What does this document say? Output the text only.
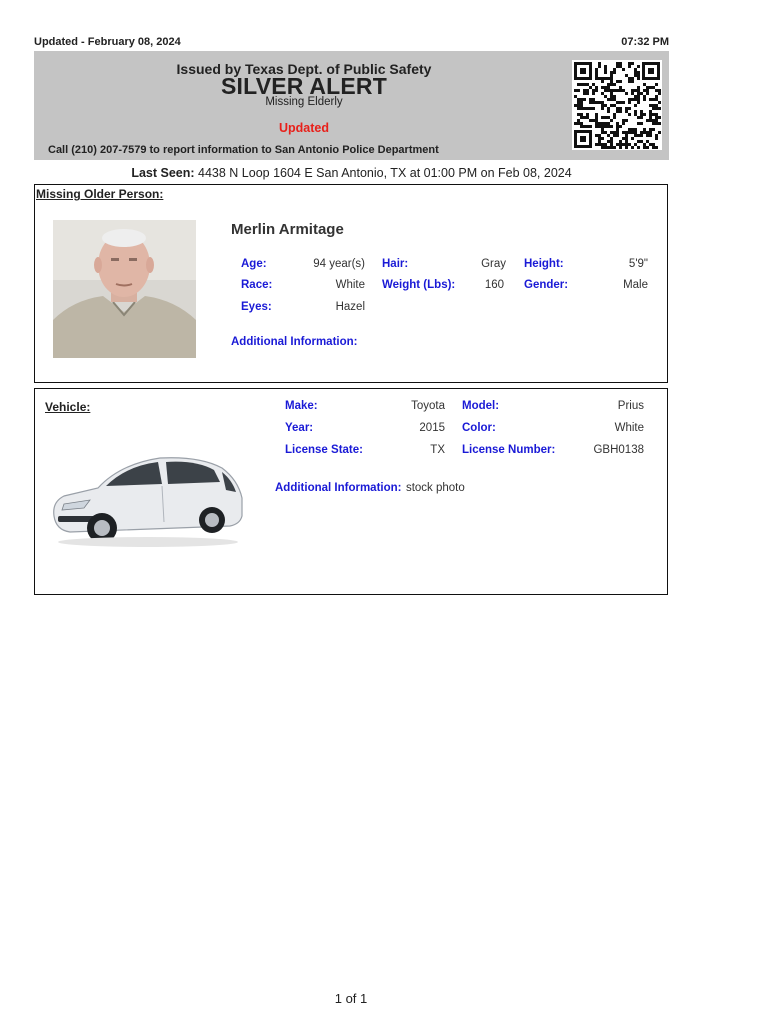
Updated - February 08, 2024	07:32 PM
Issued by Texas Dept. of Public Safety
SILVER ALERT
Missing Elderly
Updated
Call (210) 207-7579 to report information to San Antonio Police Department
Last Seen: 4438 N Loop 1604 E San Antonio, TX at 01:00 PM on Feb 08, 2024
Missing Older Person:
Merlin Armitage
Age:	94 year(s) Hair:	Gray Height:	5'9"
Race:	White Weight (Lbs):	160 Gender:	Male
Eyes:	Hazel
Additional Information:
Vehicle:	Make:	Toyota Model:	Prius
Year:	2015 Color:	White
License State:	TX License Number:	GBH0138
Additional Information: stock photo
1 of 1
